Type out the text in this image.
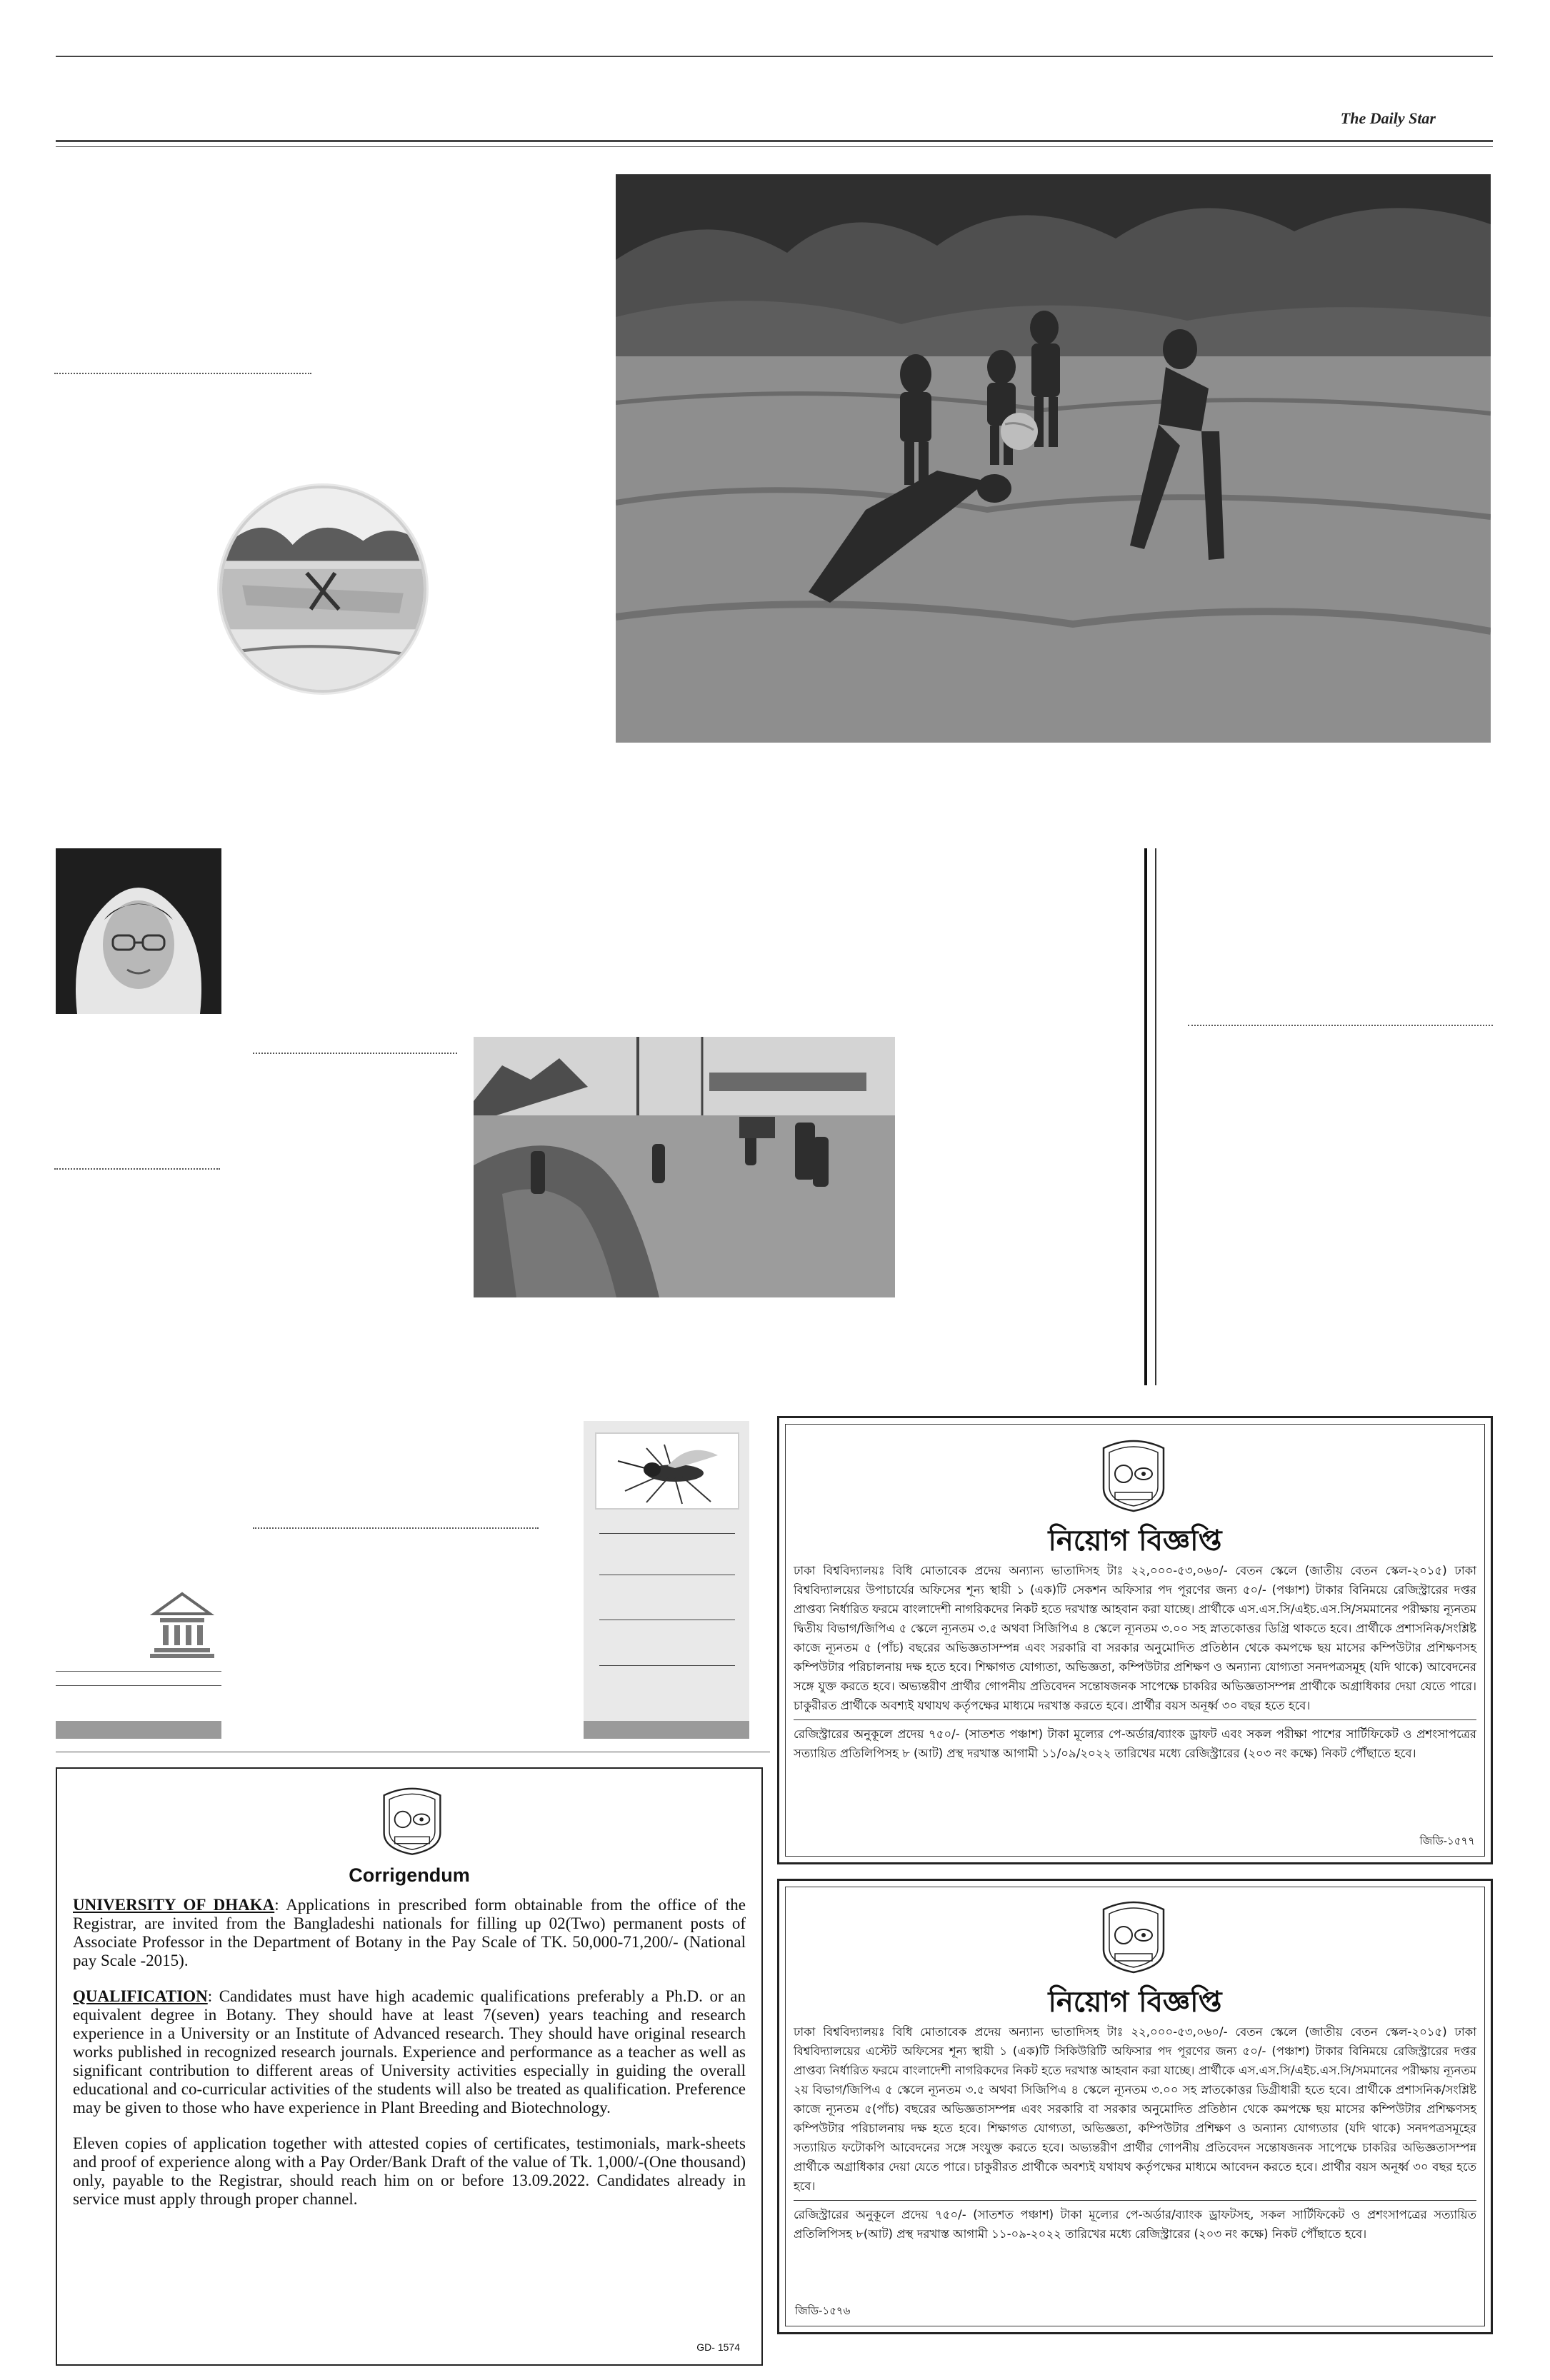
The Daily Star
নিয়োগ বিজ্ঞপ্তি

ঢাকা বিশ্ববিদ্যালয়ঃ বিধি মোতাবেক প্রদেয় অন্যান্য ভাতাদিসহ টাঃ ২২,০০০-৫৩,০৬০/- বেতন স্কেলে (জাতীয় বেতন স্কেল-২০১৫) ঢাকা বিশ্ববিদ্যালয়ের উপাচার্যের অফিসের শূন্য স্থায়ী ১ (এক)টি সেকশন অফিসার পদ পূরণের জন্য ৫০/- (পঞ্চাশ) টাকার বিনিময়ে রেজিস্ট্রারের দপ্তর প্রাপ্তব্য নির্ধারিত ফরমে বাংলাদেশী নাগরিকদের নিকট হতে দরখাস্ত আহবান করা যাচ্ছে। প্রার্থীকে এস.এস.সি/এইচ.এস.সি/সমমানের পরীক্ষায় ন্যূনতম দ্বিতীয় বিভাগ/জিপিএ ৫ স্কেলে ন্যূনতম ৩.৫ অথবা সিজিপিএ ৪ স্কেলে ন্যূনতম ৩.০০ সহ স্নাতকোত্তর ডিগ্রি থাকতে হবে। প্রার্থীকে প্রশাসনিক/সংশ্লিষ্ট কাজে ন্যূনতম ৫ (পাঁচ) বছরের অভিজ্ঞতাসম্পন্ন এবং সরকারি বা সরকার অনুমোদিত প্রতিষ্ঠান থেকে কমপক্ষে ছয় মাসের কম্পিউটার প্রশিক্ষণসহ কম্পিউটার পরিচালনায় দক্ষ হতে হবে। শিক্ষাগত যোগ্যতা, অভিজ্ঞতা, কম্পিউটার প্রশিক্ষণ ও অন্যান্য যোগ্যতা সনদপত্রসমূহ (যদি থাকে) আবেদনের সঙ্গে যুক্ত করতে হবে। অভ্যন্তরীণ প্রার্থীর গোপনীয় প্রতিবেদন সন্তোষজনক সাপেক্ষে চাকরির অভিজ্ঞতাসম্পন্ন প্রার্থীকে অগ্রাধিকার দেয়া যেতে পারে। চাকুরীরত প্রার্থীকে অবশ্যই যথাযথ কর্তৃপক্ষের মাধ্যমে দরখাস্ত করতে হবে। প্রার্থীর বয়স অনূর্ধ্ব ৩০ বছর হতে হবে।

রেজিস্ট্রারের অনুকূলে প্রদেয় ৭৫০/- (সাতশত পঞ্চাশ) টাকা মূল্যের পে-অর্ডার/ব্যাংক ড্রাফট এবং সকল পরীক্ষা পাশের সার্টিফিকেট ও প্রশংসাপত্রের সত্যায়িত প্রতিলিপিসহ ৮ (আট) প্রস্থ দরখাস্ত আগামী ১১/০৯/২০২২ তারিখের মধ্যে রেজিস্ট্রারের (২০৩ নং কক্ষে) নিকট পৌঁছাতে হবে।

জিডি-১৫৭৭
নিয়োগ বিজ্ঞপ্তি

ঢাকা বিশ্ববিদ্যালয়ঃ বিধি মোতাবেক প্রদেয় অন্যান্য ভাতাদিসহ টাঃ ২২,০০০-৫৩,০৬০/- বেতন স্কেলে (জাতীয় বেতন স্কেল-২০১৫) ঢাকা বিশ্ববিদ্যালয়ের এস্টেট অফিসের শূন্য স্থায়ী ১ (এক)টি সিকিউরিটি অফিসার পদ পূরণের জন্য ৫০/- (পঞ্চাশ) টাকার বিনিময়ে রেজিস্ট্রারের দপ্তর প্রাপ্তব্য নির্ধারিত ফরমে বাংলাদেশী নাগরিকদের নিকট হতে দরখাস্ত আহবান করা যাচ্ছে। প্রার্থীকে এস.এস.সি/এইচ.এস.সি/সমমানের পরীক্ষায় ন্যূনতম ২য় বিভাগ/জিপিএ ৫ স্কেলে ন্যূনতম ৩.৫ অথবা সিজিপিএ ৪ স্কেলে ন্যূনতম ৩.০০ সহ স্নাতকোত্তর ডিগ্রীধারী হতে হবে। প্রার্থীকে প্রশাসনিক/সংশ্লিষ্ট কাজে ন্যূনতম ৫(পাঁচ) বছরের অভিজ্ঞতাসম্পন্ন এবং সরকারি বা সরকার অনুমোদিত প্রতিষ্ঠান থেকে কমপক্ষে ছয় মাসের কম্পিউটার প্রশিক্ষণসহ কম্পিউটার পরিচালনায় দক্ষ হতে হবে। শিক্ষাগত যোগ্যতা, অভিজ্ঞতা, কম্পিউটার প্রশিক্ষণ ও অন্যান্য যোগ্যতার (যদি থাকে) সনদপত্রসমূহের সত্যায়িত ফটোকপি আবেদনের সঙ্গে সংযুক্ত করতে হবে। অভ্যন্তরীণ প্রার্থীর গোপনীয় প্রতিবেদন সন্তোষজনক সাপেক্ষে চাকরির অভিজ্ঞতাসম্পন্ন প্রার্থীকে অগ্রাধিকার দেয়া যেতে পারে। চাকুরীরত প্রার্থীকে অবশ্যই যথাযথ কর্তৃপক্ষের মাধ্যমে আবেদন করতে হবে। প্রার্থীর বয়স অনূর্ধ্ব ৩০ বছর হতে হবে।

রেজিস্ট্রারের অনুকূলে প্রদেয় ৭৫০/- (সাতশত পঞ্চাশ) টাকা মূল্যের পে-অর্ডার/ব্যাংক ড্রাফটসহ, সকল সার্টিফিকেট ও প্রশংসাপত্রের সত্যায়িত প্রতিলিপিসহ ৮(আট) প্রস্থ দরখাস্ত আগামী ১১-০৯-২০২২ তারিখের মধ্যে রেজিস্ট্রারের (২০৩ নং কক্ষে) নিকট পৌঁছাতে হবে।

জিডি-১৫৭৬
Corrigendum

UNIVERSITY OF DHAKA: Applications in prescribed form obtainable from the office of the Registrar, are invited from the Bangladeshi nationals for filling up 02(Two) permanent posts of Associate Professor in the Department of Botany in the Pay Scale of TK. 50,000-71,200/- (National pay Scale -2015).

QUALIFICATION: Candidates must have high academic qualifications preferably a Ph.D. or an equivalent degree in Botany. They should have at least 7(seven) years teaching and research experience in a University or an Institute of Advanced research. They should have original research works published in recognized research journals. Experience and performance as a teacher as well as significant contribution to different areas of University activities especially in guiding the overall educational and co-curricular activities of the students will also be treated as qualification. Preference may be given to those who have experience in Plant Breeding and Biotechnology.

Eleven copies of application together with attested copies of certificates, testimonials, mark-sheets and proof of experience along with a Pay Order/Bank Draft of the value of Tk. 1,000/-(One thousand) only, payable to the Registrar, should reach him on or before 13.09.2022. Candidates already in service must apply through proper channel.

GD- 1574
